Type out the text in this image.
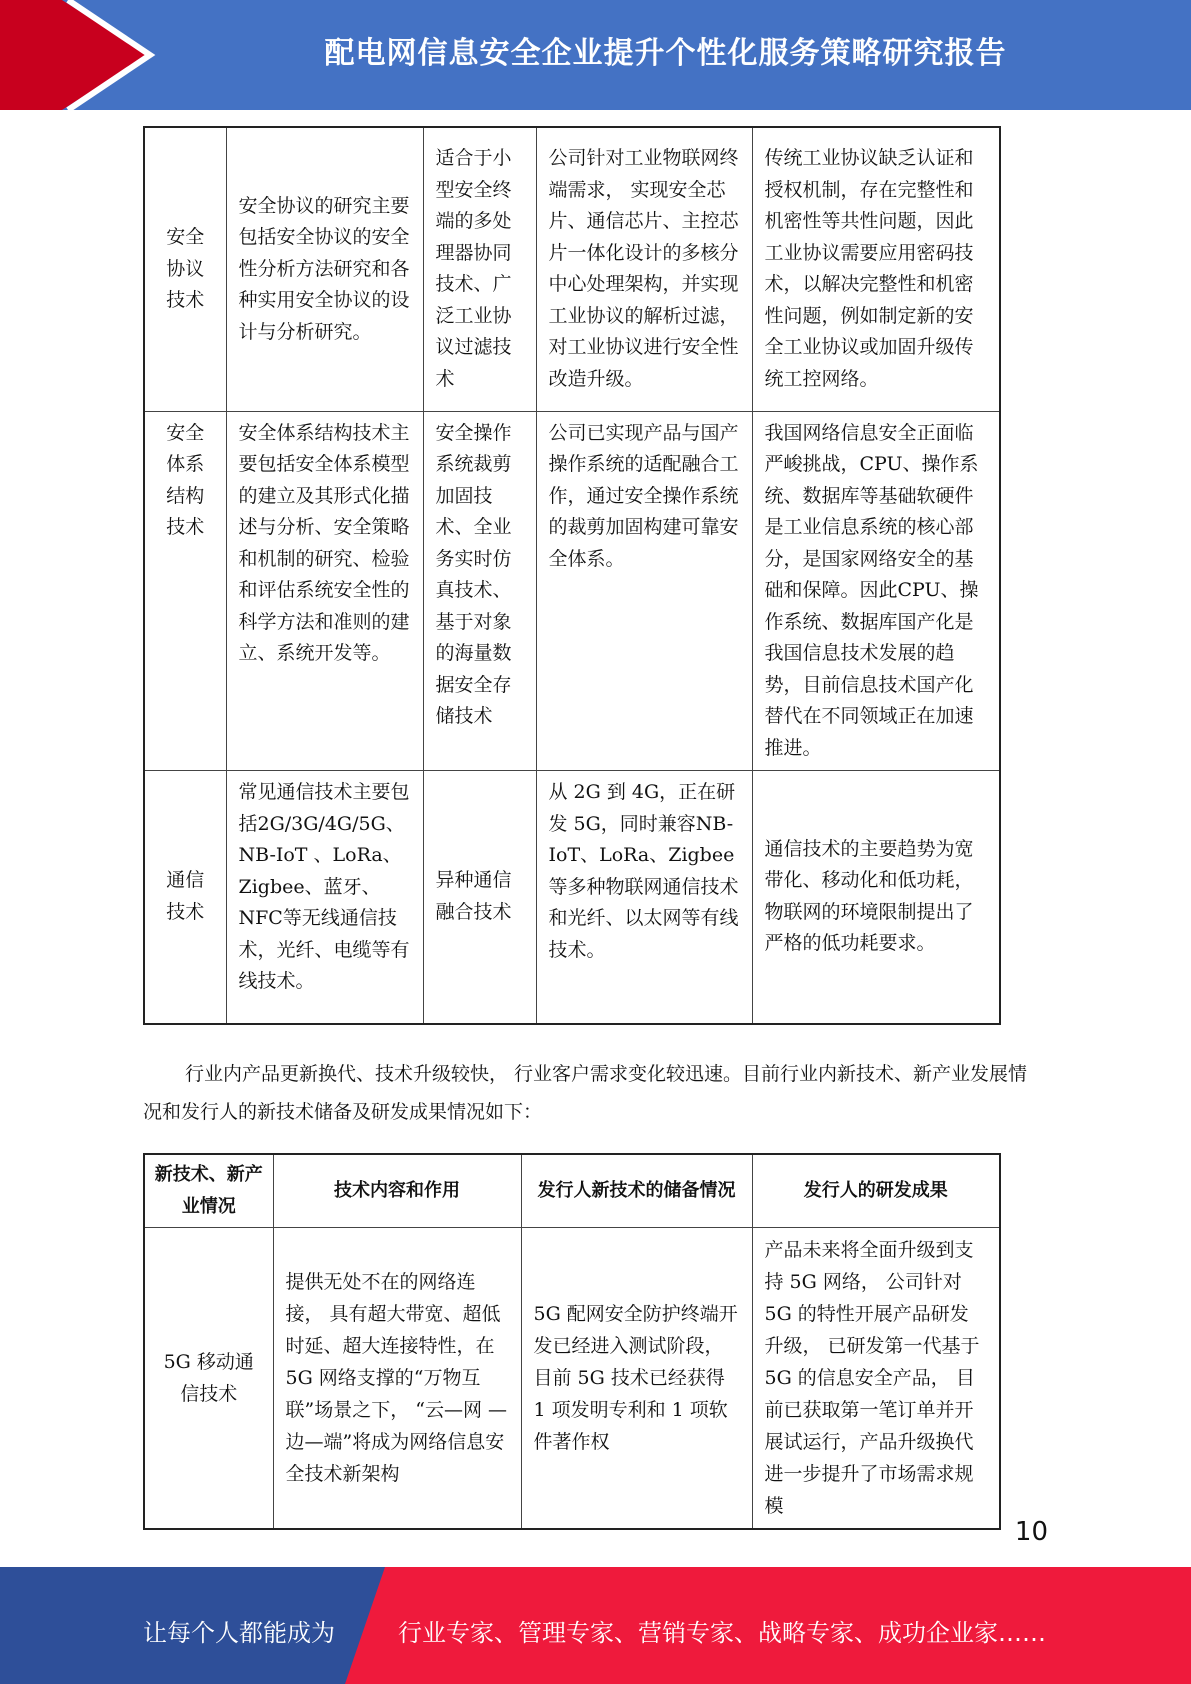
配电网信息安全企业提升个性化服务策略研究报告
安全
协议
技术	安全协议的研究主要包括安全协议的安全性分析方法研究和各种实用安全协议的设计与分析研究。	适合于小型安全终端的多处理器协同技术、广泛工业协议过滤技术	公司针对工业物联网终端需求， 实现安全芯片、通信芯片、主控芯片一体化设计的多核分中心处理架构，并实现工业协议的解析过滤，对工业协议进行安全性改造升级。	传统工业协议缺乏认证和授权机制，存在完整性和机密性等共性问题，因此工业协议需要应用密码技术，以解决完整性和机密性问题，例如制定新的安全工业协议或加固升级传统工控网络。
安全
体系
结构
技术	安全体系结构技术主要包括安全体系模型的建立及其形式化描述与分析、安全策略和机制的研究、检验和评估系统安全性的科学方法和准则的建立、系统开发等。	安全操作系统裁剪加固技术、全业务实时仿真技术、基于对象的海量数据安全存储技术	公司已实现产品与国产操作系统的适配融合工作，通过安全操作系统的裁剪加固构建可靠安全体系。	我国网络信息安全正面临严峻挑战，CPU、操作系统、数据库等基础软硬件是工业信息系统的核心部分，是国家网络安全的基础和保障。因此CPU、操作系统、数据库国产化是我国信息技术发展的趋势，目前信息技术国产化替代在不同领域正在加速推进。
通信
技术	常见通信技术主要包括2G/3G/4G/5G、NB-IoT 、LoRa、Zigbee、蓝牙、 NFC等无线通信技术，光纤、电缆等有线技术。	异种通信融合技术	从 2G 到 4G，正在研发 5G，同时兼容NB-IoT、LoRa、Zigbee 等多种物联网通信技术和光纤、以太网等有线技术。	通信技术的主要趋势为宽带化、移动化和低功耗，物联网的环境限制提出了严格的低功耗要求。
行业内产品更新换代、技术升级较快， 行业客户需求变化较迅速。目前行业内新技术、新产业发展情况和发行人的新技术储备及研发成果情况如下：
新技术、新产业情况	技术内容和作用	发行人新技术的储备情况	发行人的研发成果
5G 移动通 信技术	提供无处不在的网络连接， 具有超大带宽、超低时延、超大连接特性，在 5G 网络支撑的“万物互联”场景之下， “云—网 —边—端”将成为网络信息安全技术新架构	5G 配网安全防护终端开发已经进入测试阶段，目前 5G 技术已经获得 1 项发明专利和 1 项软件著作权	产品未来将全面升级到支持 5G 网络， 公司针对 5G 的特性开展产品研发升级， 已研发第一代基于 5G 的信息安全产品， 目前已获取第一笔订单并开展试运行，产品升级换代进一步提升了市场需求规模
10
让每个人都能成为	行业专家、管理专家、营销专家、战略专家、成功企业家……
